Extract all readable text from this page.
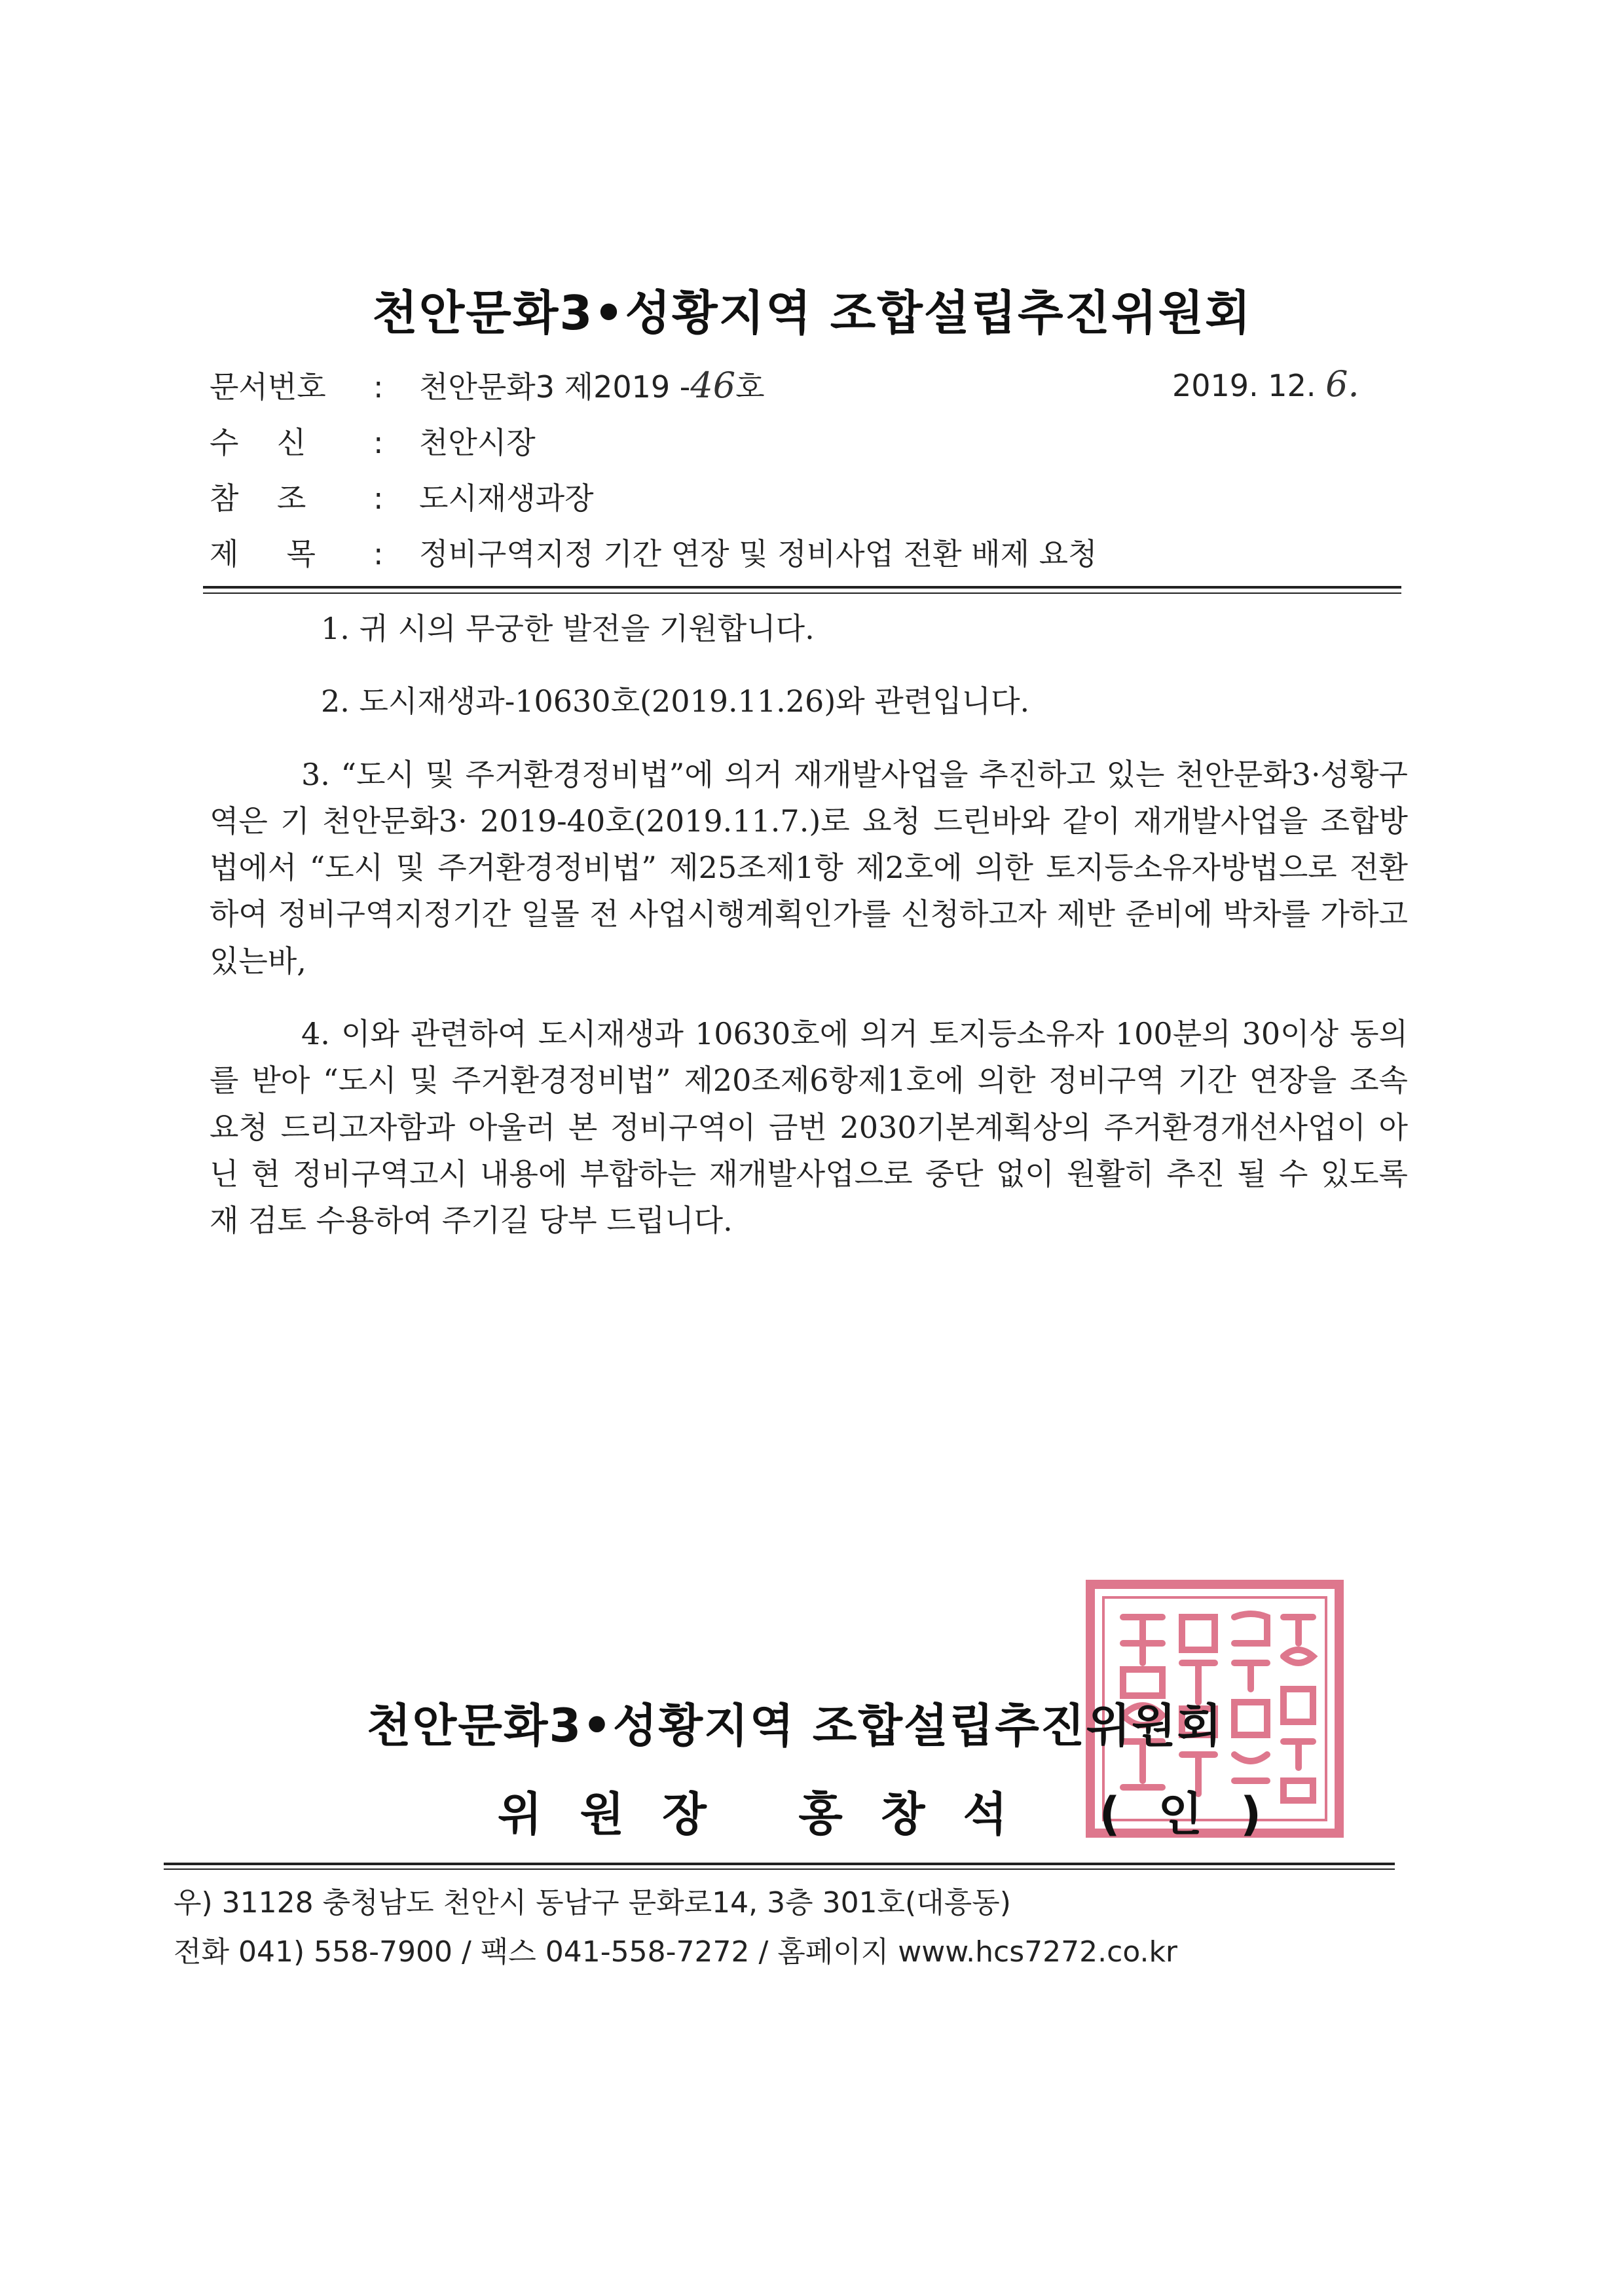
천안문화3•성황지역 조합설립추진위원회
문서번호 : 천안문화3 제2019 -46호	2019. 12. 6.
수    신 : 천안시장
참    조 : 도시재생과장
제     목 : 정비구역지정 기간 연장 및 정비사업 전환 배제 요청

1. 귀 시의 무궁한 발전을 기원합니다.

2. 도시재생과-10630호(2019.11.26)와 관련입니다.

3. “도시 및 주거환경정비법”에 의거 재개발사업을 추진하고 있는 천안문화3·성황구역은 기 천안문화3· 2019-40호(2019.11.7.)로 요청 드린바와 같이 재개발사업을 조합방법에서 “도시 및 주거환경정비법” 제25조제1항 제2호에 의한 토지등소유자방법으로 전환하여 정비구역지정기간 일몰 전 사업시행계획인가를 신청하고자 제반 준비에 박차를 가하고 있는바,

4. 이와 관련하여 도시재생과 10630호에 의거 토지등소유자 100분의 30이상 동의를 받아 “도시 및 주거환경정비법” 제20조제6항제1호에 의한 정비구역 기간 연장을 조속 요청 드리고자함과 아울러 본 정비구역이 금번 2030기본계획상의 주거환경개선사업이 아닌 현 정비구역고시 내용에 부합하는 재개발사업으로 중단 없이 원활히 추진 될 수 있도록 재 검토 수용하여 주기길 당부 드립니다.

천안문화3•성황지역 조합설립추진위원회
위원장 홍창석 (인)
우) 31128 충청남도 천안시 동남구 문화로14, 3층 301호(대흥동)
전화 041) 558-7900 / 팩스 041-558-7272 / 홈페이지 www.hcs7272.co.kr
